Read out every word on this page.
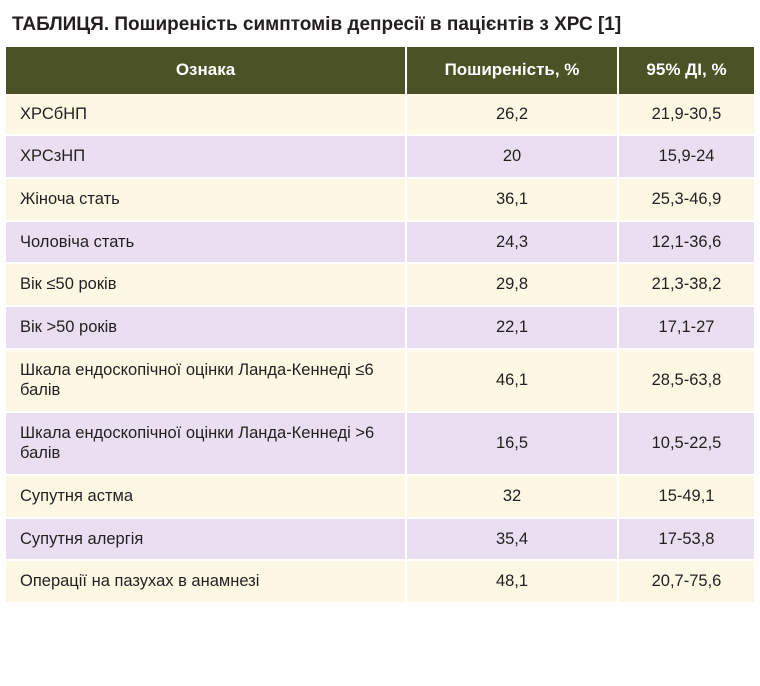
ТАБЛИЦЯ. Поширеність симптомів депресії в пацієнтів з ХРС [1]
Ознака	Поширеність, %	95% ДІ, %
ХРСбНП	26,2	21,9-30,5
ХРСзНП	20	15,9-24
Жіноча стать	36,1	25,3-46,9
Чоловіча стать	24,3	12,1-36,6
Вік ≤50 років	29,8	21,3-38,2
Вік >50 років	22,1	17,1-27
Шкала ендоскопічної оцінки Ланда-Кеннеді ≤6 балів	46,1	28,5-63,8
Шкала ендоскопічної оцінки Ланда-Кеннеді >6 балів	16,5	10,5-22,5
Супутня астма	32	15-49,1
Супутня алергія	35,4	17-53,8
Операції на пазухах в анамнезі	48,1	20,7-75,6
